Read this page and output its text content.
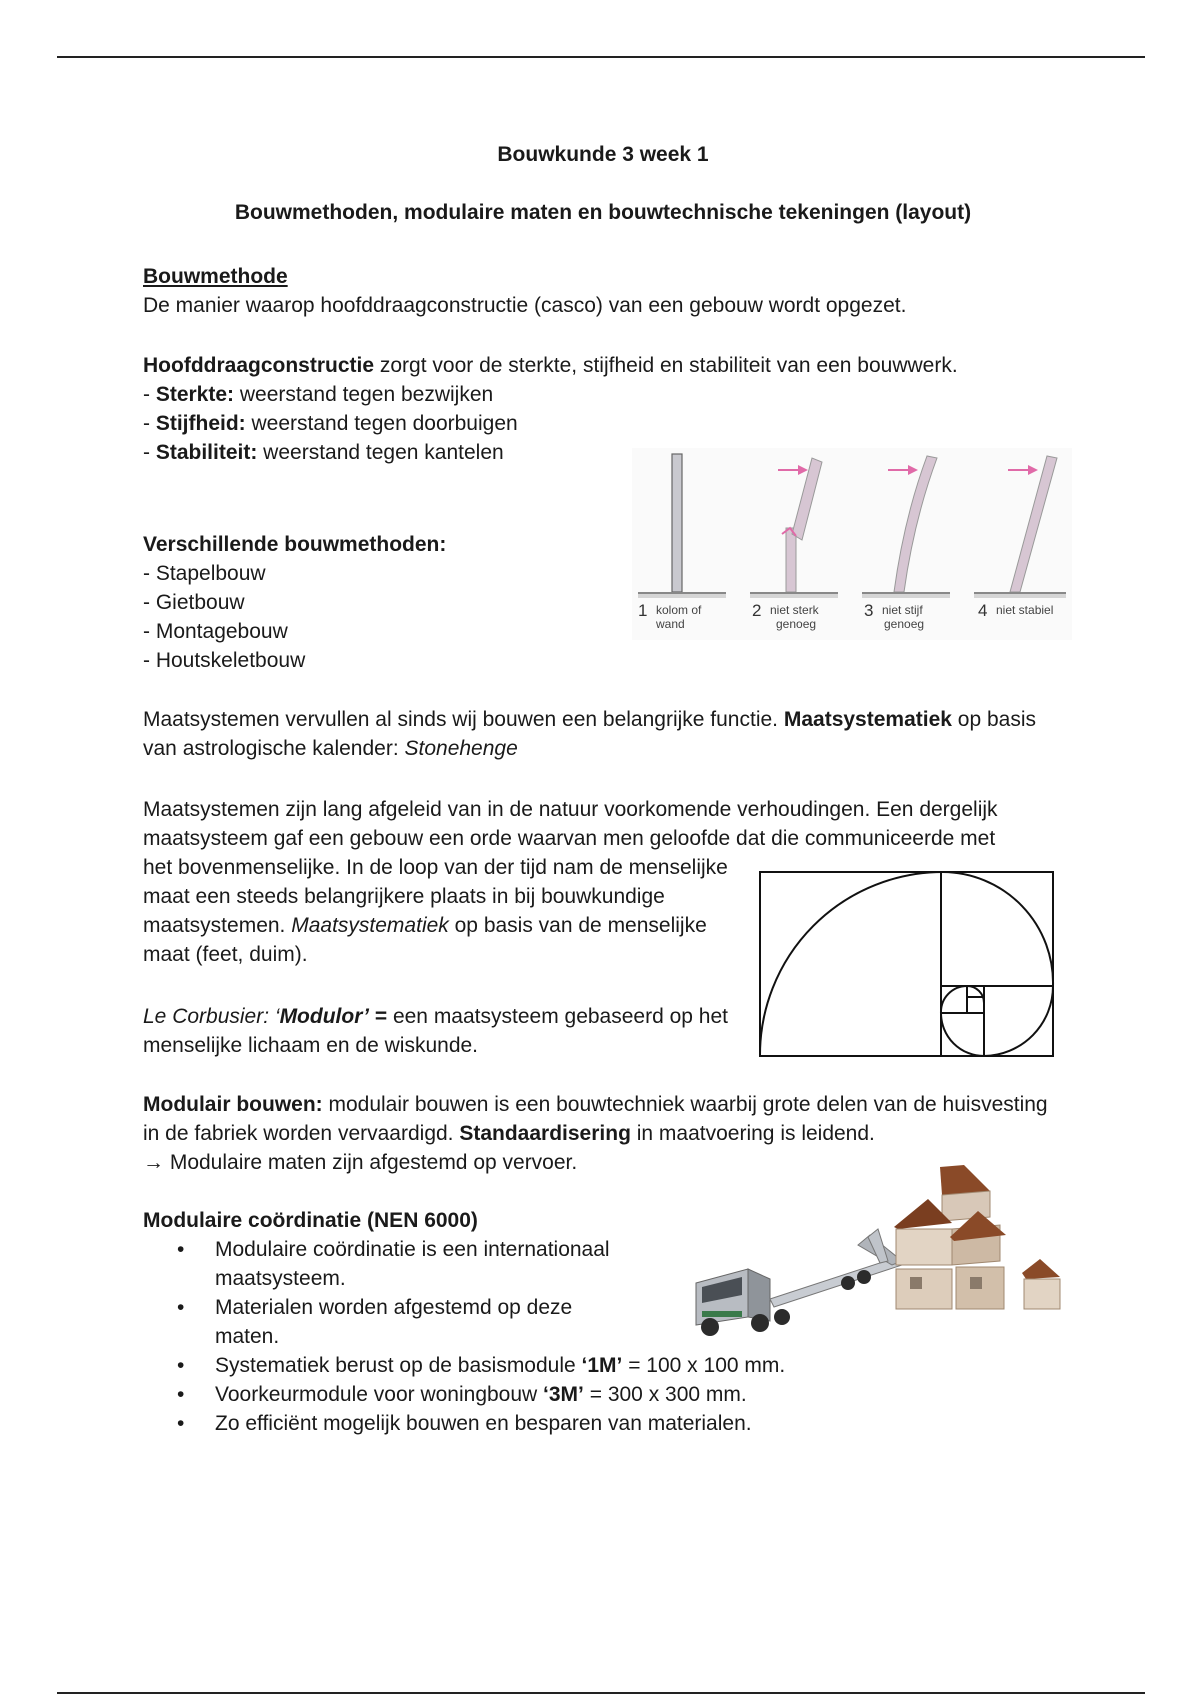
Bouwkunde 3 week 1

Bouwmethoden, modulaire maten en bouwtechnische tekeningen (layout)

Bouwmethode

De manier waarop hoofddraagconstructie (casco) van een gebouw wordt opgezet.

Hoofddraagconstructie zorgt voor de sterkte, stijfheid en stabiliteit van een bouwwerk.

- Sterkte: weerstand tegen bezwijken

- Stijfheid: weerstand tegen doorbuigen

- Stabiliteit: weerstand tegen kantelen

Verschillende bouwmethoden:

- Stapelbouw

- Gietbouw

- Montagebouw

- Houtskeletbouw

Maatsystemen vervullen al sinds wij bouwen een belangrijke functie. Maatsystematiek op basis van astrologische kalender: Stonehenge

Maatsystemen zijn lang afgeleid van in de natuur voorkomende verhoudingen. Een dergelijk

maatsysteem gaf een gebouw een orde waarvan men geloofde dat die communiceerde met

het bovenmenselijke. In de loop van der tijd nam de menselijke maat een steeds belangrijkere plaats in bij bouwkundige maatsystemen. Maatsystematiek op basis van de menselijke maat (feet, duim).

Le Corbusier: ‘Modulor’ = een maatsysteem gebaseerd op het menselijke lichaam en de wiskunde.

Modulair bouwen: modulair bouwen is een bouwtechniek waarbij grote delen van de huisvesting in de fabriek worden vervaardigd. Standaardisering in maatvoering is leidend.

→ Modulaire maten zijn afgestemd op vervoer.

Modulaire coördinatie (NEN 6000)

• Modulaire coördinatie is een internationaal maatsysteem.

• Materialen worden afgestemd op deze maten.

• Systematiek berust op de basismodule ‘1M’ = 100 x 100 mm.

• Voorkeurmodule voor woningbouw ‘3M’ = 300 x 300 mm.

• Zo efficiënt mogelijk bouwen en besparen van materialen.

1 kolom of
wand
2 niet sterk
genoeg
3 niet stijf
genoeg
4 niet stabiel
